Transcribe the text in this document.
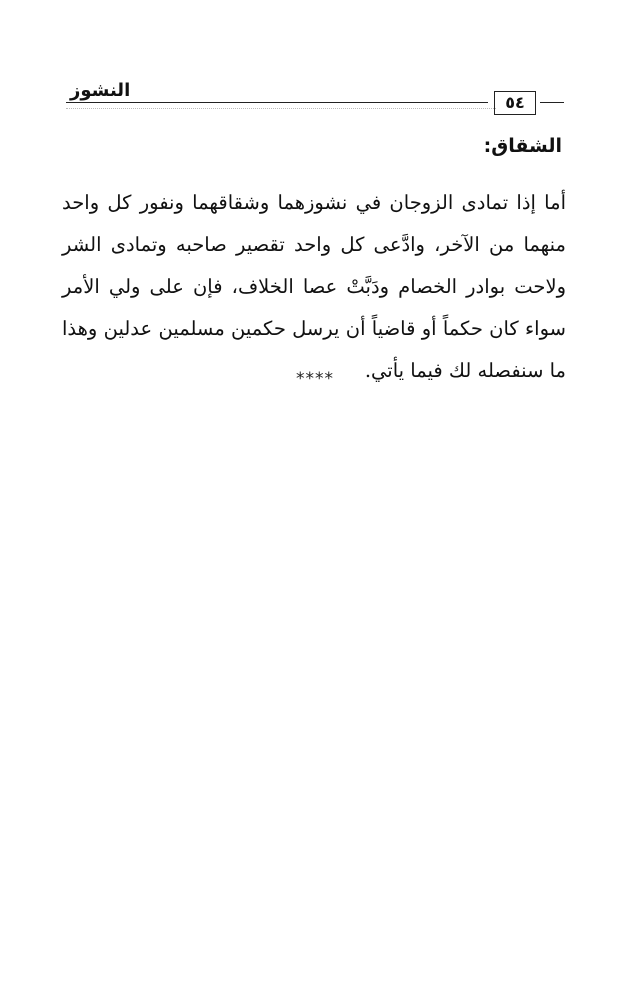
النشوز
٥٤
الشقاق:
أما إذا تمادى الزوجان في نشوزهما وشقاقهما ونفور كل واحد
منهما من الآخر، وادَّعى كل واحد تقصير صاحبه وتمادى الشر
ولاحت بوادر الخصام ودَبَّتْ عصا الخلاف، فإن على ولي الأمر
سواء كان حكماً أو قاضياً أن يرسل حكمين مسلمين عدلين وهذا
ما سنفصله لك فيما يأتي.
****
